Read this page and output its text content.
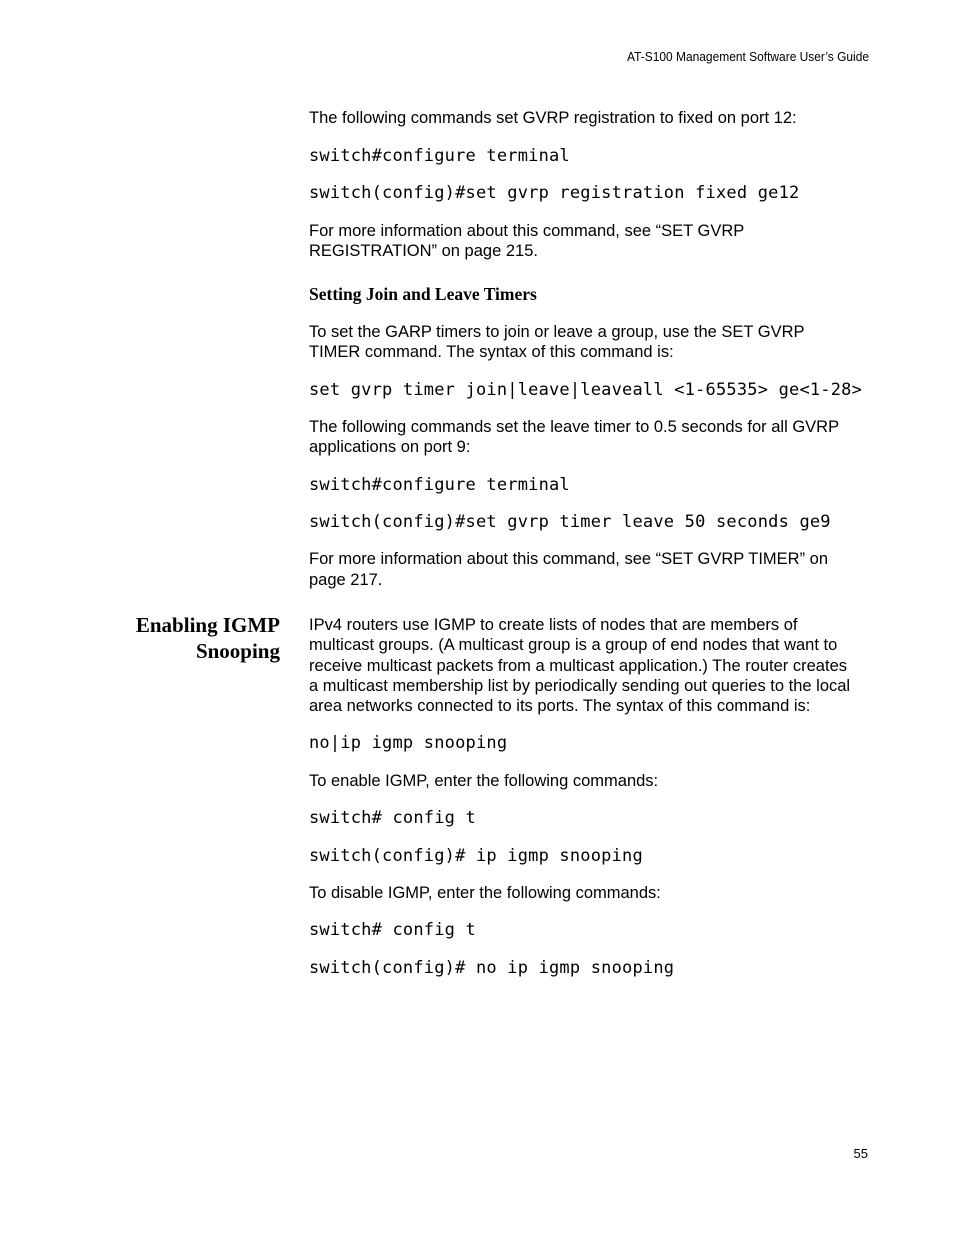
AT-S100 Management Software User’s Guide

The following commands set GVRP registration to fixed on port 12:

switch#configure terminal

switch(config)#set gvrp registration fixed ge12

For more information about this command, see “SET GVRP

REGISTRATION” on page 215.

Setting Join and Leave Timers

To set the GARP timers to join or leave a group, use the SET GVRP

TIMER command. The syntax of this command is:

set gvrp timer join|leave|leaveall <1-65535> ge<1-28>

The following commands set the leave timer to 0.5 seconds for all GVRP

applications on port 9:

switch#configure terminal

switch(config)#set gvrp timer leave 50 seconds ge9

For more information about this command, see “SET GVRP TIMER” on

page 217.

Enabling IGMP
Snooping

IPv4 routers use IGMP to create lists of nodes that are members of

multicast groups. (A multicast group is a group of end nodes that want to

receive multicast packets from a multicast application.) The router creates

a multicast membership list by periodically sending out queries to the local

area networks connected to its ports. The syntax of this command is:

no|ip igmp snooping

To enable IGMP, enter the following commands:

switch# config t

switch(config)# ip igmp snooping

To disable IGMP, enter the following commands:

switch# config t

switch(config)# no ip igmp snooping

55
